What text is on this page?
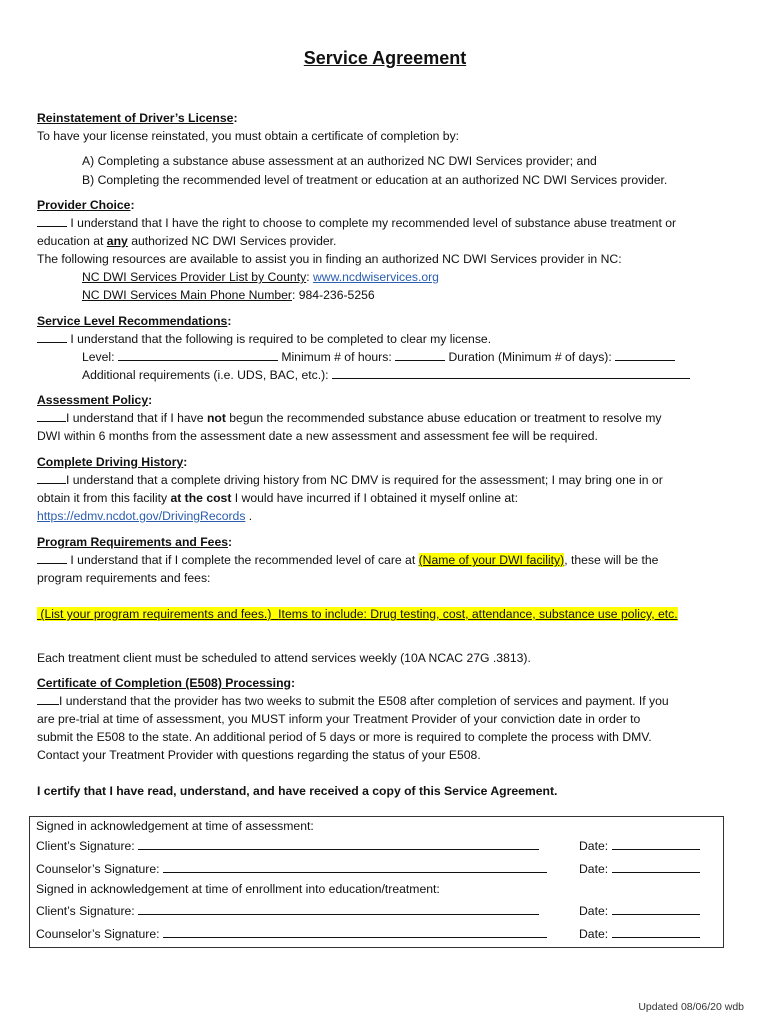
Service Agreement
Reinstatement of Driver’s License:
To have your license reinstated, you must obtain a certificate of completion by:
A) Completing a substance abuse assessment at an authorized NC DWI Services provider; and
B) Completing the recommended level of treatment or education at an authorized NC DWI Services provider.
Provider Choice:
I understand that I have the right to choose to complete my recommended level of substance abuse treatment or
education at any authorized NC DWI Services provider.
The following resources are available to assist you in finding an authorized NC DWI Services provider in NC:
NC DWI Services Provider List by County: www.ncdwiservices.org
NC DWI Services Main Phone Number: 984-236-5256
Service Level Recommendations:
I understand that the following is required to be completed to clear my license.
Level:	Minimum # of hours:	Duration (Minimum # of days):
Additional requirements (i.e. UDS, BAC, etc.):
Assessment Policy:
I understand that if I have not begun the recommended substance abuse education or treatment to resolve my
DWI within 6 months from the assessment date a new assessment and assessment fee will be required.
Complete Driving History:
I understand that a complete driving history from NC DMV is required for the assessment; I may bring one in or
obtain it from this facility at the cost I would have incurred if I obtained it myself online at:
https://edmv.ncdot.gov/DrivingRecords .
Program Requirements and Fees:
I understand that if I complete the recommended level of care at (Name of your DWI facility), these will be the
program requirements and fees:
(List your program requirements and fees.) Items to include: Drug testing, cost, attendance, substance use policy, etc.
Each treatment client must be scheduled to attend services weekly (10A NCAC 27G .3813).
Certificate of Completion (E508) Processing:
I understand that the provider has two weeks to submit the E508 after completion of services and payment. If you
are pre-trial at time of assessment, you MUST inform your Treatment Provider of your conviction date in order to
submit the E508 to the state. An additional period of 5 days or more is required to complete the process with DMV.
Contact your Treatment Provider with questions regarding the status of your E508.
I certify that I have read, understand, and have received a copy of this Service Agreement.
Signed in acknowledgement at time of assessment:
Client’s Signature:	Date:
Counselor’s Signature:	Date:
Signed in acknowledgement at time of enrollment into education/treatment:
Client’s Signature:	Date:
Counselor’s Signature:	Date:
Updated 08/06/20 wdb
